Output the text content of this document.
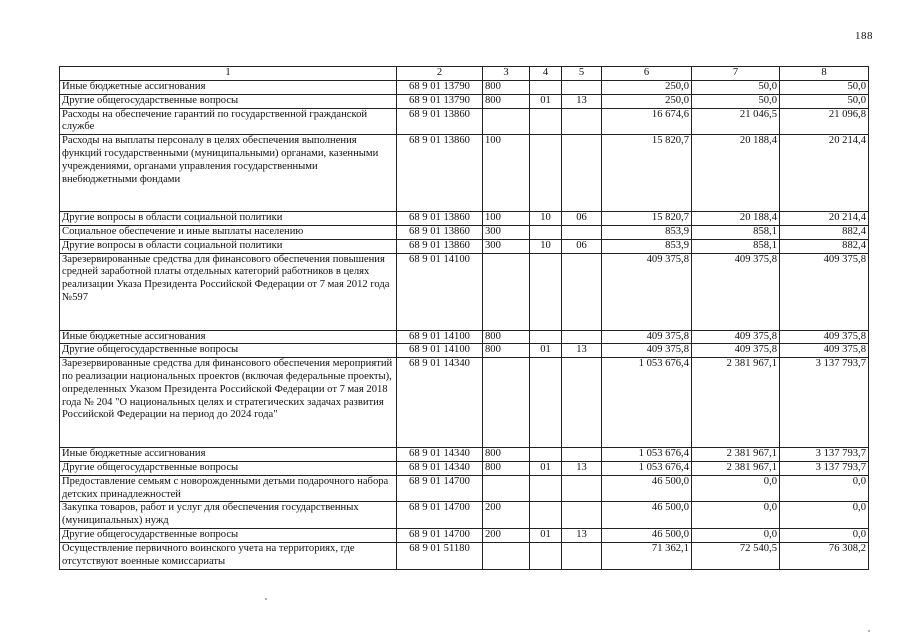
188
1	2	3	4	5	6	7	8
Иные бюджетные ассигнования	68 9 01 13790	800			250,0	50,0	50,0
Другие общегосударственные вопросы	68 9 01 13790	800	01	13	250,0	50,0	50,0
Расходы на обеспечение гарантий по государственной гражданской службе	68 9 01 13860				16 674,6	21 046,5	21 096,8
Расходы на выплаты персоналу в целях обеспечения выполнения функций государственными (муниципальными) органами, казенными учреждениями, органами управления государственными внебюджетными фондами	68 9 01 13860	100			15 820,7	20 188,4	20 214,4
Другие вопросы в области социальной политики	68 9 01 13860	100	10	06	15 820,7	20 188,4	20 214,4
Социальное обеспечение и иные выплаты населению	68 9 01 13860	300			853,9	858,1	882,4
Другие вопросы в области социальной политики	68 9 01 13860	300	10	06	853,9	858,1	882,4
Зарезервированные средства для финансового обеспечения повышения средней заработной платы отдельных категорий работников в целях реализации Указа Президента Российской Федерации от 7 мая 2012 года №597	68 9 01 14100				409 375,8	409 375,8	409 375,8
Иные бюджетные ассигнования	68 9 01 14100	800			409 375,8	409 375,8	409 375,8
Другие общегосударственные вопросы	68 9 01 14100	800	01	13	409 375,8	409 375,8	409 375,8
Зарезервированные средства для финансового обеспечения мероприятий по реализации национальных проектов (включая федеральные проекты), определенных Указом Президента Российской Федерации от 7 мая 2018 года № 204 "О национальных целях и стратегических задачах развития Российской Федерации на период до 2024 года"	68 9 01 14340				1 053 676,4	2 381 967,1	3 137 793,7
Иные бюджетные ассигнования	68 9 01 14340	800			1 053 676,4	2 381 967,1	3 137 793,7
Другие общегосударственные вопросы	68 9 01 14340	800	01	13	1 053 676,4	2 381 967,1	3 137 793,7
Предоставление семьям с новорожденными детьми подарочного набора детских принадлежностей	68 9 01 14700				46 500,0	0,0	0,0
Закупка товаров, работ и услуг для обеспечения государственных (муниципальных) нужд	68 9 01 14700	200			46 500,0	0,0	0,0
Другие общегосударственные вопросы	68 9 01 14700	200	01	13	46 500,0	0,0	0,0
Осуществление первичного воинского учета на территориях, где отсутствуют военные комиссариаты	68 9 01 51180				71 362,1	72 540,5	76 308,2
